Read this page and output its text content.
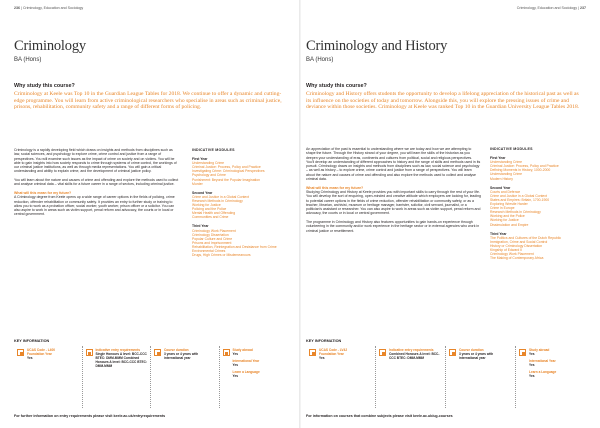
236 | Criminology, Education and Sociology
Criminology
BA (Hons)
Why study this course?
Criminology at Keele was Top 10 in the Guardian League Tables for 2018. We continue to offer a dynamic and cutting-edge programme. You will learn from active criminological researchers who specialise in areas such as criminal justice, prisons, rehabilitation, community safety and a range of different forms of policing.

Criminology is a rapidly developing field which draws on insights and methods from disciplines such as law, social sciences, and psychology to explore crime, crime control and justice from a range of perspectives. You will examine such issues as the impact of crime on society and on victims. You will be able to gain insights into how society responds to crime through systems of crime control, the workings of our criminal justice institutions, as well as through media representations. You will gain a critical understanding and ability to explain crime, and the development of criminal justice policy.

You will learn about the nature and causes of crime and offending and explore the methods used to collect and analyse criminal data – vital skills for a future career in a range of sectors, including criminal justice.

What will this mean for my future?

A Criminology degree from Keele opens up a wide range of career options in the fields of policing, crime reduction, offender rehabilitation or community safety. It provides an entry to further study or training to allow you to work as a probation officer, social worker, youth worker, prison officer or a solicitor. You can also aspire to work in areas such as victim support, penal reform and advocacy, the courts or in local or central government.

INDICATIVE MODULES
First Year
Understanding Crime
Criminal Justice: Process, Policy and Practice
Investigating Crime: Criminological Perspectives
Psychology and Crime
Punishment: Beyond the Popular Imagination
Murder
Second Year
Crime and Justice in a Global Context
Research Methods in Criminology
Working for Justice
Policing and the Police
Mental Health and Offending
Communities and Crime
Third Year
Criminology Work Placement
Criminology Dissertation
Popular Culture and Crime
Prisons and Imprisonment
Rehabilitation, Reintegration and Desistance from Crime
Environmental Crimes
Drugs, High Crimes or Misdemeanours
KEY INFORMATION
UCAS Code - L400
Foundation Year
Yes
Indicative entry requirements
Single Honours A level: BCC-CCC BTEC: DMM-MMM Combined Honours A level: BCC-CCC BTEC: DMM-MMM
Course duration
3 years or 4 years with international year
Study abroad
Yes
International Year
Yes
Learn a Language
Yes
For further information on entry requirements please visit keele.ac.uk/entryrequirements
Criminology, Education and Sociology | 237
Criminology and History
BA (Hons)
Why study this course?
Criminology and History offers students the opportunity to develop a lifelong appreciation of the historical past as well as its influence on the societies of today and tomorrow. Alongside this, you will explore the pressing issues of crime and deviance within those societies. Criminology at Keele was ranked Top 10 in the Guardian University League Tables 2018.

An appreciation of the past is essential to understanding where we are today and how we are attempting to shape the future. Through the History strand of your degree, you will learn the skills of the historian as you deepen your understanding of eras, continents and cultures from political, social and religious perspectives. You'll develop an understanding of different approaches to history and the range of skills and methods used in its pursuit. Criminology draws on insights and methods from disciplines such as law, social science and psychology – as well as history – to explore crime, crime control and justice from a range of perspectives. You will learn about the nature and causes of crime and offending and also explore the methods used to collect and analyse criminal data.

What will this mean for my future?

Studying Criminology and History at Keele provides you with important skills to carry through the rest of your life. You will develop the sort of enquiring, open-minded and creative attitude which employers are looking for, leading to potential career options in the fields of crime reduction, offender rehabilitation or community safety, or as a teacher, librarian, archivist, museum or heritage manager, barrister, solicitor, civil servant, journalist, or a politician's assistant or researcher. You can also aspire to work in areas such as victim support, penal reform and advocacy, the courts or in local or central government.

The programme in Criminology and History also features opportunities to gain hands-on experience through volunteering in the community and/or work experience in the heritage sector or in external agencies who work in criminal justice or resettlement.

INDICATIVE MODULES
First Year
Understanding Crime
Criminal Justice: Process, Policy and Practice
Defining Moments in History, 1000-2000
Understanding Crime
Modern History
Second Year
Courts and Defence
Crime and Justice in a Global Context
States and Empires: Britain, 1700-1900
Exploring Wrestle Harder
Crime in Europe
Research Methods in Criminology
Working and the Police
Working for Justice
Dissimulation and Empire
Third Year
The Politics and Cultures of the Dutch Republic
Immigration, Crime and Social Control
History or Criminology Dissertation
Kingship of Edward II
Criminology Work Placement
The Making of Contemporary Africa
KEY INFORMATION
UCAS Code - LV42
Foundation Year
Yes
Indicative entry requirements
Combined Honours A level: BCC-CCC BTEC: DMM-MMM
Course duration
3 years or 4 years with international year
Study abroad
Yes
International Year
Yes
Learn a Language
Yes
For information on courses that combine subjects please visit keele.ac.uk/ug-courses
